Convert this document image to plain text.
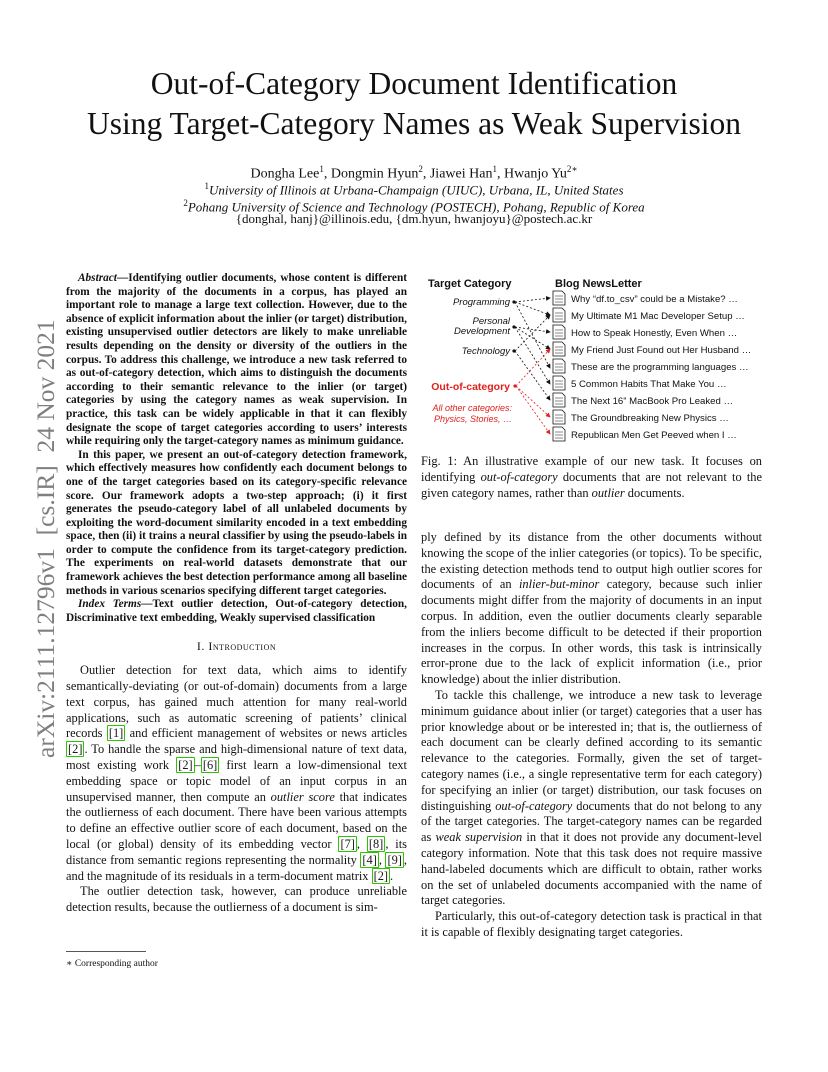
arXiv:2111.12796v1  [cs.IR]  24 Nov 2021
Out-of-Category Document Identification
Using Target-Category Names as Weak Supervision
Dongha Lee$^1$, Dongmin Hyun$^2$, Jiawei Han$^1$, Hwanjo $Yu^{2∗}$
$^1$University of Illinois at Urbana-Champaign (UIUC), Urbana, IL, United States
$^2$Pohang University of Science and Technology (POSTECH), Pohang, Republic of Korea
{donghal, hanj}@illinois.edu, {dm.hyun, hwanjoyu}@postech.ac.kr

Abstract—Identifying outlier documents, whose content is different from the majority of the documents in a corpus, has played an important role to manage a large text collection. However, due to the absence of explicit information about the inlier (or target) distribution, existing unsupervised outlier detectors are likely to make unreliable results depending on the density or diversity of the outliers in the corpus. To address this challenge, we introduce a new task referred to as out-of-category detection, which aims to distinguish the documents according to their semantic relevance to the inlier (or target) categories by using the category names as weak supervision. In practice, this task can be widely applicable in that it can flexibly designate the scope of target categories according to users’ interests while requiring only the target-category names as minimum guidance.

In this paper, we present an out-of-category detection framework, which effectively measures how confidently each document belongs to one of the target categories based on its category-specific relevance score. Our framework adopts a two-step approach; (i) it first generates the pseudo-category label of all unlabeled documents by exploiting the word-document similarity encoded in a text embedding space, then (ii) it trains a neural classifier by using the pseudo-labels in order to compute the confidence from its target-category prediction. The experiments on real-world datasets demonstrate that our framework achieves the best detection performance among all baseline methods in various scenarios specifying different target categories.

Index Terms—Text outlier detection, Out-of-category detection, Discriminative text embedding, Weakly supervised classification

I. Introduction

Outlier detection for text data, which aims to identify semantically-deviating (or out-of-domain) documents from a large text corpus, has gained much attention for many real-world applications, such as automatic screening of patients’ clinical records [1] and efficient management of websites or news articles [2] . To handle the sparse and high-dimensional nature of text data, most existing work [2] – [6] first learn a low-dimensional text embedding space or topic model of an input corpus in an unsupervised manner, then compute an outlier score that indicates the outlierness of each document. There have been various attempts to define an effective outlier score of each document, based on the local (or global) density of its embedding vector [7] , [8] , its distance from semantic regions representing the normality [4] , [9] , and the magnitude of its residuals in a term-document matrix [2] .

The outlier detection task, however, can produce unreliable detection results, because the outlierness of a document is sim-

∗ Corresponding author
Target Category	Blog NewsLetter
Programming
Personal
Development
Technology
Out-of-category
All other categories:
Physics, Stories, …
Why “df.to_csv” could be a Mistake? …
My Ultimate M1 Mac Developer Setup …
How to Speak Honestly, Even When …
My Friend Just Found out Her Husband …
These are the programming languages …
5 Common Habits That Make You …
The Next 16” MacBook Pro Leaked …
The Groundbreaking New Physics …
Republican Men Get Peeved when I …
Fig. 1: An illustrative example of our new task. It focuses on identifying out-of-category documents that are not relevant to the given category names, rather than outlier documents.

ply defined by its distance from the other documents without knowing the scope of the inlier categories (or topics). To be specific, the existing detection methods tend to output high outlier scores for documents of an inlier-but-minor category, because such inlier documents might differ from the majority of documents in an input corpus. In addition, even the outlier documents clearly separable from the inliers become difficult to be detected if their proportion increases in the corpus. In other words, this task is intrinsically error-prone due to the lack of explicit information (i.e., prior knowledge) about the inlier distribution.

To tackle this challenge, we introduce a new task to leverage minimum guidance about inlier (or target) categories that a user has prior knowledge about or be interested in; that is, the outlierness of each document can be clearly defined according to its semantic relevance to the categories. Formally, given the set of target-category names (i.e., a single representative term for each category) for specifying an inlier (or target) distribution, our task focuses on distinguishing out-of-category documents that do not belong to any of the target categories. The target-category names can be regarded as weak supervision in that it does not provide any document-level category information. Note that this task does not require massive hand-labeled documents which are difficult to obtain, rather works on the set of unlabeled documents accompanied with the name of target categories.

Particularly, this out-of-category detection task is practical in that it is capable of flexibly designating target categories.
